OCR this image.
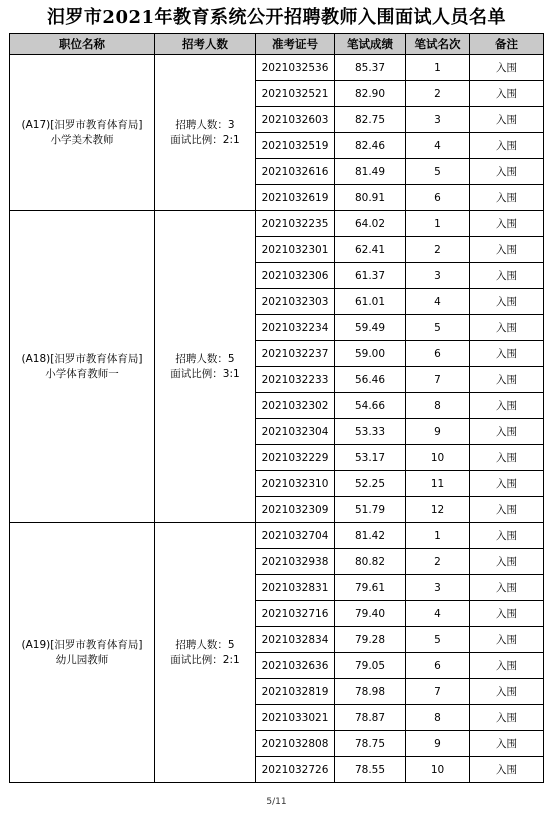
汨罗市2021年教育系统公开招聘教师入围面试人员名单
职位名称	招考人数	准考证号	笔试成绩	笔试名次	备注

(A17)[汨罗市教育体育局]
小学美术教师	招聘人数：3
面试比例：2:1	2021032536	85.37	1	入围
		2021032521	82.90	2	入围
		2021032603	82.75	3	入围
		2021032519	82.46	4	入围
		2021032616	81.49	5	入围
		2021032619	80.91	6	入围

(A18)[汨罗市教育体育局]
小学体育教师一	招聘人数：5
面试比例：3:1	2021032235	64.02	1	入围
		2021032301	62.41	2	入围
		2021032306	61.37	3	入围
		2021032303	61.01	4	入围
		2021032234	59.49	5	入围
		2021032237	59.00	6	入围
		2021032233	56.46	7	入围
		2021032302	54.66	8	入围
		2021032304	53.33	9	入围
		2021032229	53.17	10	入围
		2021032310	52.25	11	入围
		2021032309	51.79	12	入围

(A19)[汨罗市教育体育局]
幼儿园教师	招聘人数：5
面试比例：2:1	2021032704	81.42	1	入围
		2021032938	80.82	2	入围
		2021032831	79.61	3	入围
		2021032716	79.40	4	入围
		2021032834	79.28	5	入围
		2021032636	79.05	6	入围
		2021032819	78.98	7	入围
		2021033021	78.87	8	入围
		2021032808	78.75	9	入围
		2021032726	78.55	10	入围
5/11
